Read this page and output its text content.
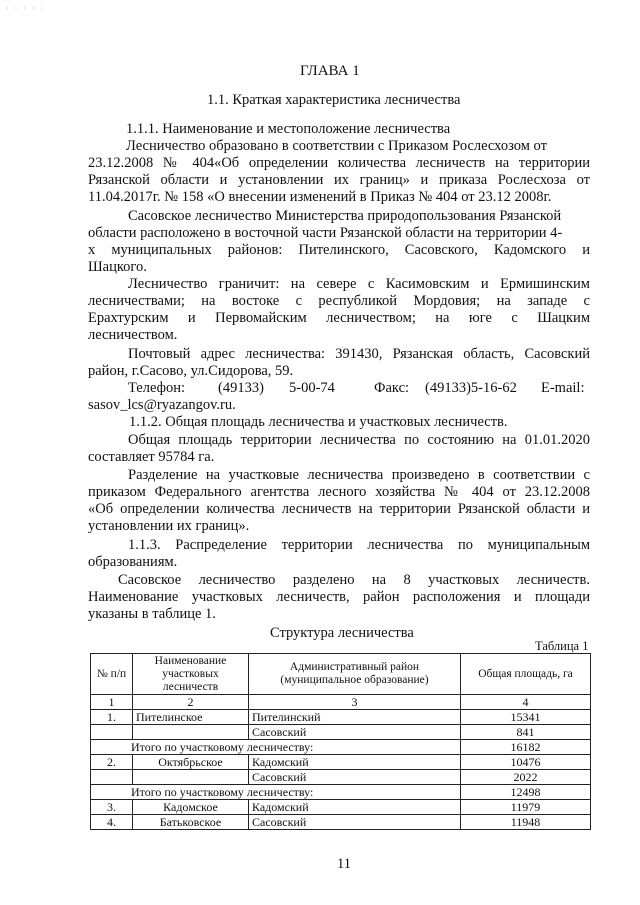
· · · · ·
ГЛАВА 1
1.1. Краткая характеристика лесничества
1.1.1. Наименование и местоположение лесничества
Лесничество образовано в соответствии с Приказом Рослесхозом от
23.12.2008 № 404«Об определении количества лесничеств на территории
Рязанской области и установлении их границ» и приказа Рослесхоза от
11.04.2017г. № 158 «О внесении изменений в Приказ № 404 от 23.12 2008г.
Сасовское лесничество Министерства природопользования Рязанской
области расположено в восточной части Рязанской области на территории 4-
х муниципальных районов: Пителинского, Сасовского, Кадомского и
Шацкого.
Лесничество граничит: на севере с Касимовским и Ермишинским
лесничествами; на востоке с республикой Мордовия; на западе с
Ерахтурским и Первомайским лесничеством; на юге с Шацким
лесничеством.
Почтовый адрес лесничества: 391430, Рязанская область, Сасовский
район, г.Сасово, ул.Сидорова, 59.
Телефон: (49133) 5-00-74	Факс: (49133)5-16-62 E-mail:
sasov_lcs@ryazangov.ru.
1.1.2. Общая площадь лесничества и участковых лесничеств.
Общая площадь территории лесничества по состоянию на 01.01.2020
составляет 95784 га.
Разделение на участковые лесничества произведено в соответствии с
приказом Федерального агентства лесного хозяйства № 404 от 23.12.2008
«Об определении количества лесничеств на территории Рязанской области и
установлении их границ».
1.1.3. Распределение территории лесничества по муниципальным
образованиям.
Сасовское лесничество разделено на 8 участковых лесничеств.
Наименование участковых лесничеств, район расположения и площади
указаны в таблице 1.
Структура лесничества
Таблица 1
№ п/п	Наименование участковых лесничеств	Административный район (муниципальное образование)	Общая площадь, га
1	2	3	4
1.	Пителинское	Пителинский	15341
		Сасовский	841
Итого по участковому лесничеству:			16182
2.	Октябрьское	Кадомский	10476
		Сасовский	2022
Итого по участковому лесничеству:			12498
3.	Кадомское	Кадомский	11979
4.	Батьковское	Сасовский	11948
11
